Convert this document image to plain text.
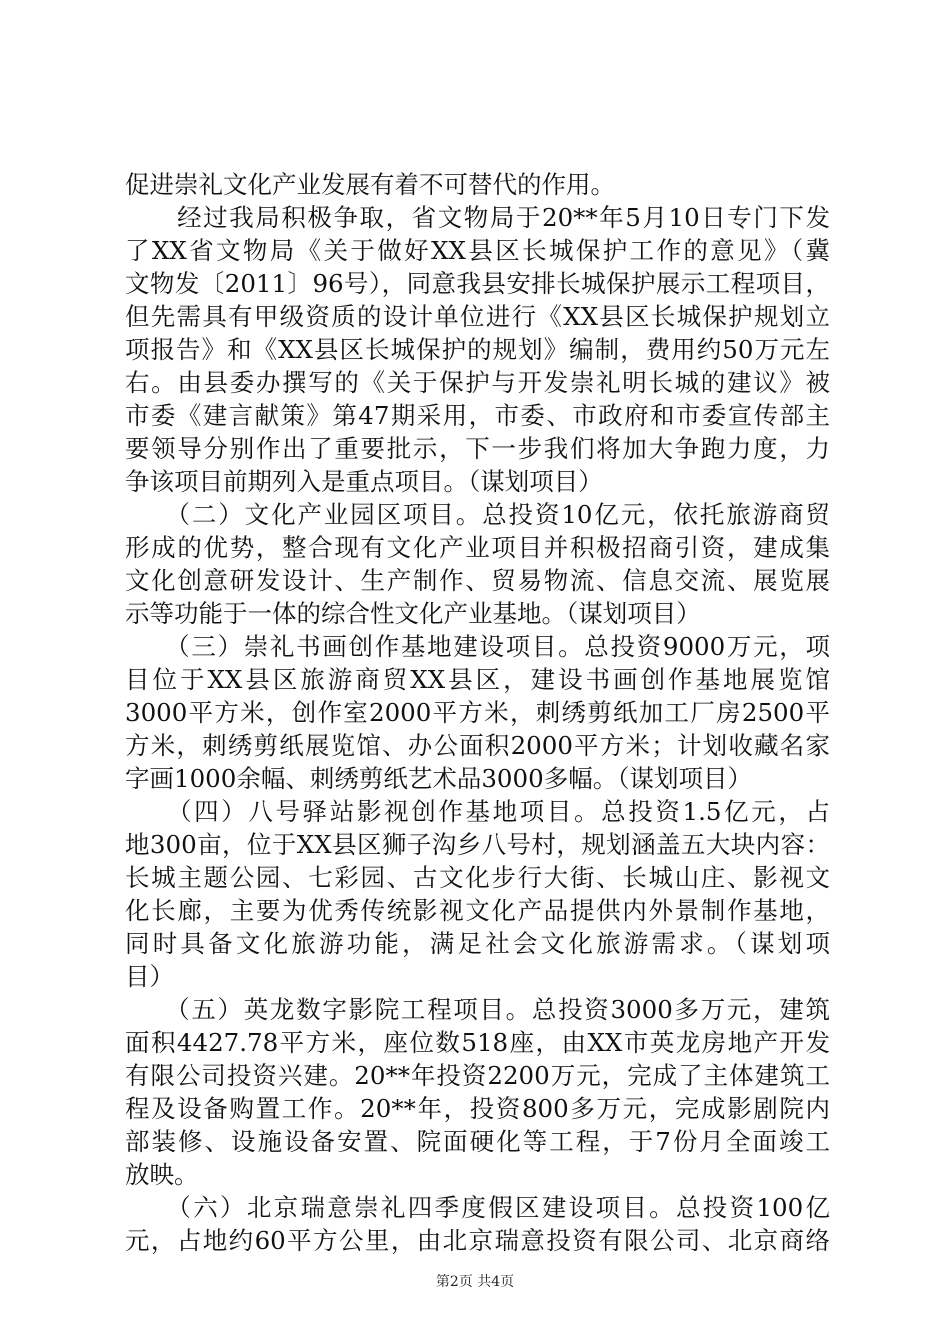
促进崇礼文化产业发展有着不可替代的作用。
　　经过我局积极争取，省文物局于20**年5月10日专门下发
了XX省文物局《关于做好XX县区长城保护工作的意见》（冀
文物发〔2011〕96号），同意我县安排长城保护展示工程项目，
但先需具有甲级资质的设计单位进行《XX县区长城保护规划立
项报告》和《XX县区长城保护的规划》编制，费用约50万元左
右。由县委办撰写的《关于保护与开发崇礼明长城的建议》被
市委《建言献策》第47期采用，市委、市政府和市委宣传部主
要领导分别作出了重要批示，下一步我们将加大争跑力度，力
争该项目前期列入是重点项目。（谋划项目）
　　（二）文化产业园区项目。总投资10亿元，依托旅游商贸
形成的优势，整合现有文化产业项目并积极招商引资，建成集
文化创意研发设计、生产制作、贸易物流、信息交流、展览展
示等功能于一体的综合性文化产业基地。（谋划项目）
　　（三）崇礼书画创作基地建设项目。总投资9000万元，项
目位于XX县区旅游商贸XX县区，建设书画创作基地展览馆
3000平方米，创作室2000平方米，刺绣剪纸加工厂房2500平
方米，刺绣剪纸展览馆、办公面积2000平方米；计划收藏名家
字画1000余幅、刺绣剪纸艺术品3000多幅。（谋划项目）
　　（四）八号驿站影视创作基地项目。总投资1.5亿元，占
地300亩，位于XX县区狮子沟乡八号村，规划涵盖五大块内容：
长城主题公园、七彩园、古文化步行大街、长城山庄、影视文
化长廊，主要为优秀传统影视文化产品提供内外景制作基地，
同时具备文化旅游功能，满足社会文化旅游需求。（谋划项
目）
　　（五）英龙数字影院工程项目。总投资3000多万元，建筑
面积4427.78平方米，座位数518座，由XX市英龙房地产开发
有限公司投资兴建。20**年投资2200万元，完成了主体建筑工
程及设备购置工作。20**年，投资800多万元，完成影剧院内
部装修、设施设备安置、院面硬化等工程，于7份月全面竣工
放映。
　　（六）北京瑞意崇礼四季度假区建设项目。总投资100亿
元，占地约60平方公里，由北京瑞意投资有限公司、北京商络
第2页 共4页
